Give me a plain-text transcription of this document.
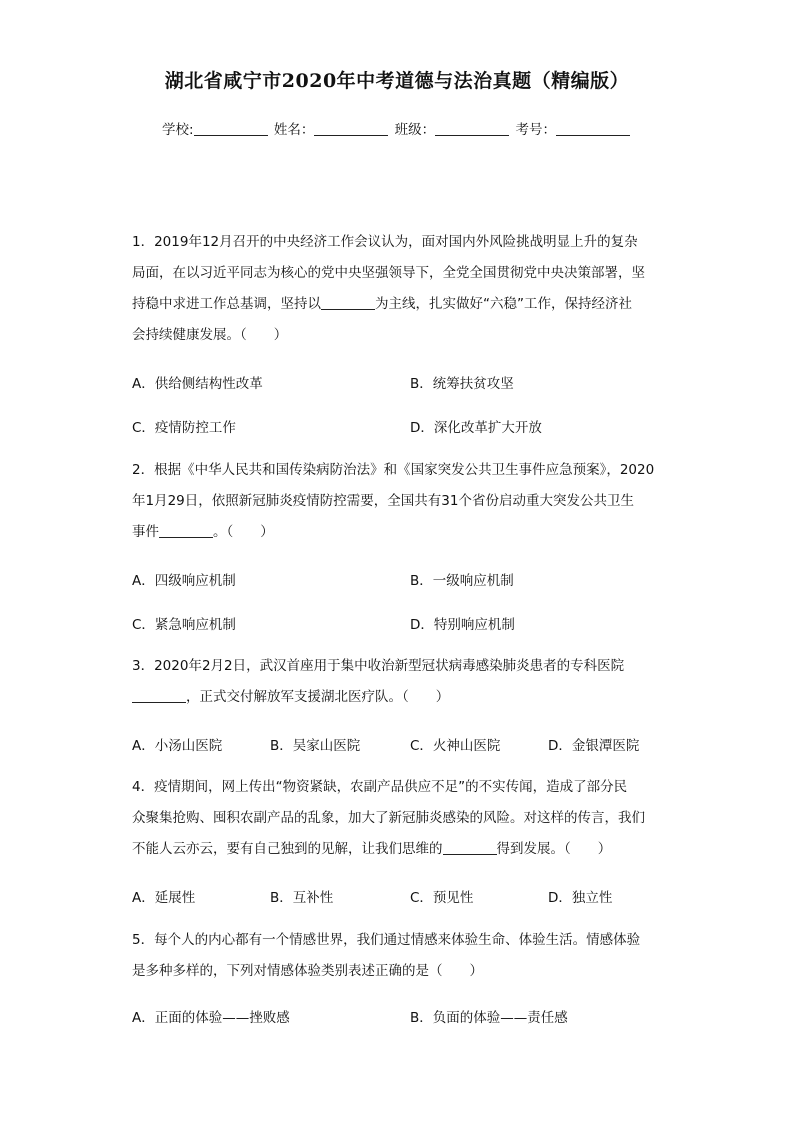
湖北省咸宁市2020年中考道德与法治真题（精编版）
学校:	姓名：	班级：	考号：
1．2019年12月召开的中央经济工作会议认为，面对国内外风险挑战明显上升的复杂
局面，在以习近平同志为核心的党中央坚强领导下，全党全国贯彻党中央决策部署，坚
持稳中求进工作总基调，坚持以	为主线，扎实做好“六稳”工作，保持经济社
会持续健康发展。（　　）
A．供给侧结构性改革	B．统筹扶贫攻坚
C．疫情防控工作	D．深化改革扩大开放
2．根据《中华人民共和国传染病防治法》和《国家突发公共卫生事件应急预案》，2020
年1月29日，依照新冠肺炎疫情防控需要，全国共有31个省份启动重大突发公共卫生
事件	。（　　）
A．四级响应机制	B．一级响应机制
C．紧急响应机制	D．特别响应机制
3．2020年2月2日，武汉首座用于集中收治新型冠状病毒感染肺炎患者的专科医院
，正式交付解放军支援湖北医疗队。（　　）
A．小汤山医院	B．吴家山医院	C．火神山医院	D．金银潭医院
4．疫情期间，网上传出“物资紧缺，农副产品供应不足”的不实传闻，造成了部分民
众聚集抢购、囤积农副产品的乱象，加大了新冠肺炎感染的风险。对这样的传言，我们
不能人云亦云，要有自己独到的见解，让我们思维的	得到发展。（　　）
A．延展性	B．互补性	C．预见性	D．独立性
5．每个人的内心都有一个情感世界，我们通过情感来体验生命、体验生活。情感体验
是多种多样的，下列对情感体验类别表述正确的是（　　）
A．正面的体验——挫败感	B．负面的体验——责任感
